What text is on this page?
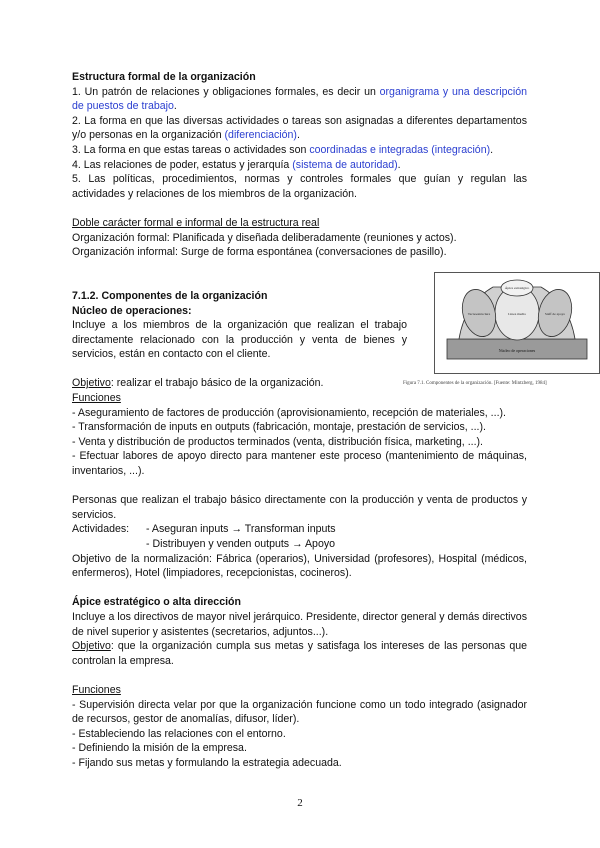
Estructura formal de la organización

1. Un patrón de relaciones y obligaciones formales, es decir un organigrama y una descripción de puestos de trabajo.

2. La forma en que las diversas actividades o tareas son asignadas a diferentes departamentos y/o personas en la organización (diferenciación).

3. La forma en que estas tareas o actividades son coordinadas e integradas (integración).

4. Las relaciones de poder, estatus y jerarquía (sistema de autoridad).

5. Las políticas, procedimientos, normas y controles formales que guían y regulan las actividades y relaciones de los miembros de la organización.

Doble carácter formal e informal de la estructura real

Organización formal: Planificada y diseñada deliberadamente (reuniones y actos).

Organización informal: Surge de forma espontánea (conversaciones de pasillo).

7.1.2. Componentes de la organización

Núcleo de operaciones:

Incluye a los miembros de la organización que realizan el trabajo directamente relacionado con la producción y venta de bienes y servicios, están en contacto con el cliente.

Objetivo: realizar el trabajo básico de la organización.

Funciones

- Aseguramiento de factores de producción (aprovisionamiento, recepción de materiales, ...).

- Transformación de inputs en outputs (fabricación, montaje, prestación de servicios, ...).

- Venta y distribución de productos terminados (venta, distribución física, marketing, ...).

- Efectuar labores de apoyo directo para mantener este proceso (mantenimiento de máquinas, inventarios, ...).

Personas que realizan el trabajo básico directamente con la producción y venta de productos y servicios.

Actividades:	- Aseguran inputs → Transforman inputs
- Distribuyen y venden outputs → Apoyo

Objetivo de la normalización: Fábrica (operarios), Universidad (profesores), Hospital (médicos, enfermeros), Hotel (limpiadores, recepcionistas, cocineros).

Ápice estratégico o alta dirección

Incluye a los directivos de mayor nivel jerárquico. Presidente, director general y demás directivos de nivel superior y asistentes (secretarios, adjuntos...).

Objetivo: que la organización cumpla sus metas y satisfaga los intereses de las personas que controlan la empresa.

Funciones

- Supervisión directa velar por que la organización funcione como un todo integrado (asignador de recursos, gestor de anomalías, difusor, líder).

- Estableciendo las relaciones con el entorno.

- Definiendo la misión de la empresa.

- Fijando sus metas y formulando la estrategia adecuada.

Ápice estratégico
Tecnoestructura	Línea media	Staff de apoyo
Núcleo de operaciones
Figura 7.1. Componentes de la organización. [Fuente: Mintzberg, 1984]
2
